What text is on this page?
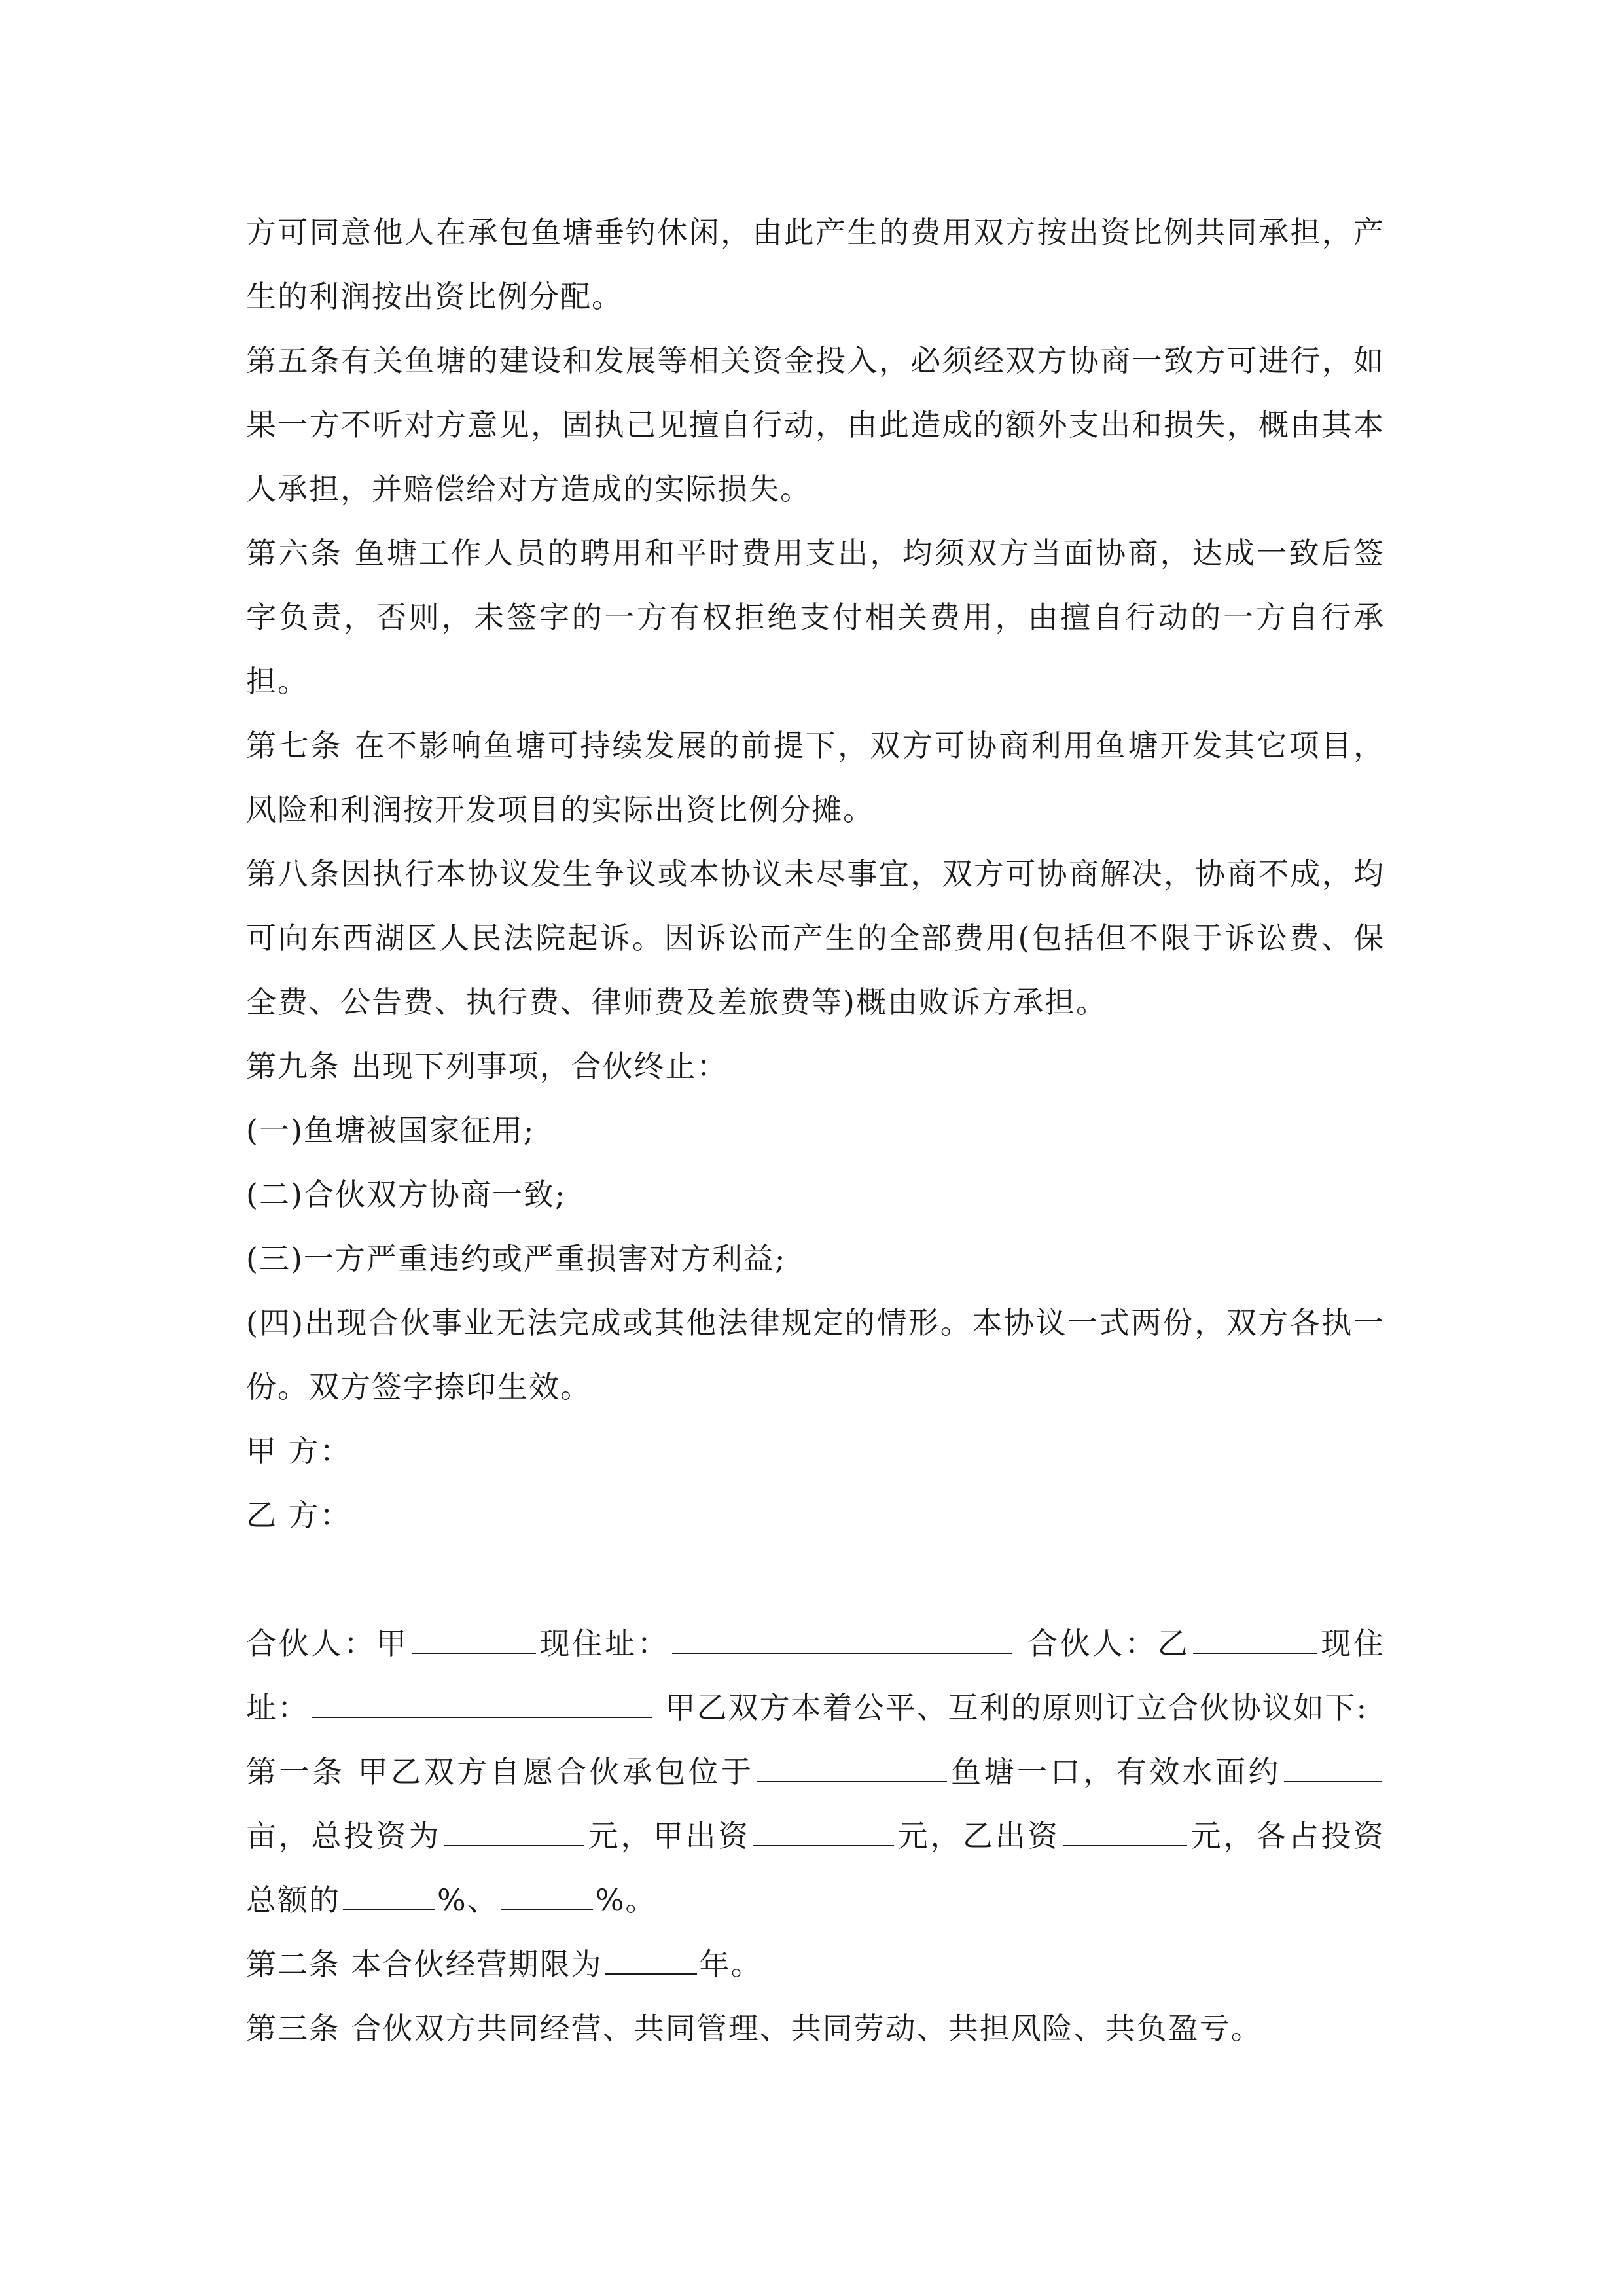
方可同意他人在承包鱼塘垂钓休闲，由此产生的费用双方按出资比例共同承担，产生的利润按出资比例分配。

第五条有关鱼塘的建设和发展等相关资金投入，必须经双方协商一致方可进行，如果一方不听对方意见，固执己见擅自行动，由此造成的额外支出和损失，概由其本人承担，并赔偿给对方造成的实际损失。

第六条 鱼塘工作人员的聘用和平时费用支出，均须双方当面协商，达成一致后签字负责，否则，未签字的一方有权拒绝支付相关费用，由擅自行动的一方自行承担。

第七条 在不影响鱼塘可持续发展的前提下，双方可协商利用鱼塘开发其它项目，风险和利润按开发项目的实际出资比例分摊。

第八条因执行本协议发生争议或本协议未尽事宜，双方可协商解决，协商不成，均可向东西湖区人民法院起诉。因诉讼而产生的全部费用(包括但不限于诉讼费、保全费、公告费、执行费、律师费及差旅费等)概由败诉方承担。

第九条 出现下列事项，合伙终止：

(一)鱼塘被国家征用;

(二)合伙双方协商一致;

(三)一方严重违约或严重损害对方利益;

(四)出现合伙事业无法完成或其他法律规定的情形。本协议一式两份，双方各执一份。双方签字捺印生效。

甲 方：

乙 方：

合伙人：甲	现住址：	合伙人：乙	现住址：	甲乙双方本着公平、互利的原则订立合伙协议如下:

第一条 甲乙双方自愿合伙承包位于	鱼塘一口，有效水面约亩，总投资为	元，甲出资	元，乙出资	元，各占投资总额的	%、	%。

第二条 本合伙经营期限为	年。

第三条 合伙双方共同经营、共同管理、共同劳动、共担风险、共负盈亏。
